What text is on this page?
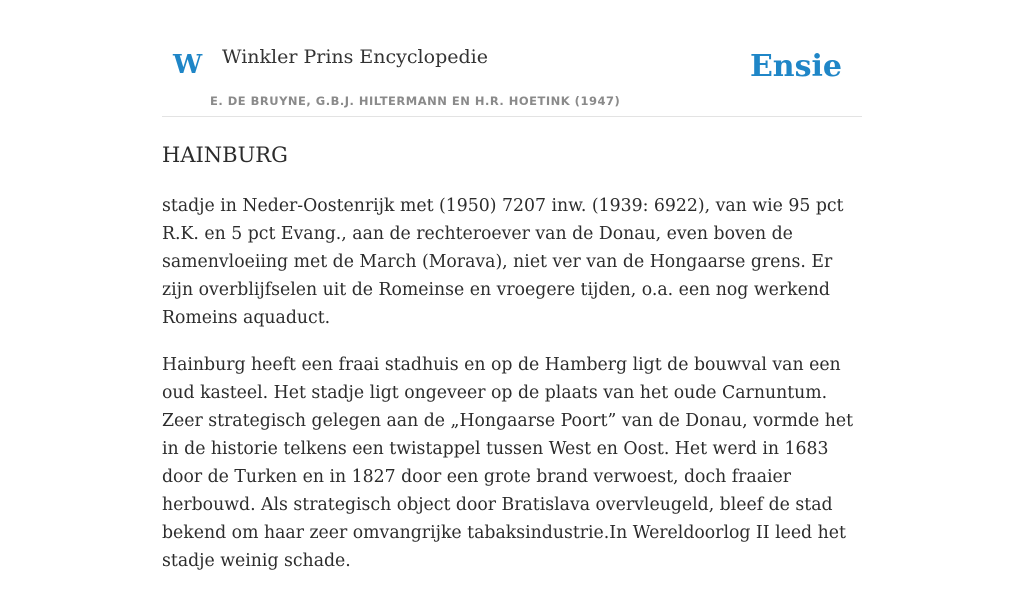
W Winkler Prins Encyclopedie
E. DE BRUYNE, G.B.J. HILTERMANN EN H.R. HOETINK (1947)
Ensie
HAINBURG

stadje in Neder-Oostenrijk met (1950) 7207 inw. (1939: 6922), van wie 95 pct R.K. en 5 pct Evang., aan de rechteroever van de Donau, even boven de samenvloeiing met de March (Morava), niet ver van de Hongaarse grens. Er zijn overblijfselen uit de Romeinse en vroegere tijden, o.a. een nog werkend Romeins aquaduct.

Hainburg heeft een fraai stadhuis en op de Hamberg ligt de bouwval van een oud kasteel. Het stadje ligt ongeveer op de plaats van het oude Carnuntum. Zeer strategisch gelegen aan de „Hongaarse Poort” van de Donau, vormde het in de historie telkens een twistappel tussen West en Oost. Het werd in 1683 door de Turken en in 1827 door een grote brand verwoest, doch fraaier herbouwd. Als strategisch object door Bratislava overvleugeld, bleef de stad bekend om haar zeer omvangrijke tabaksindustrie.In Wereldoorlog II leed het stadje weinig schade.
